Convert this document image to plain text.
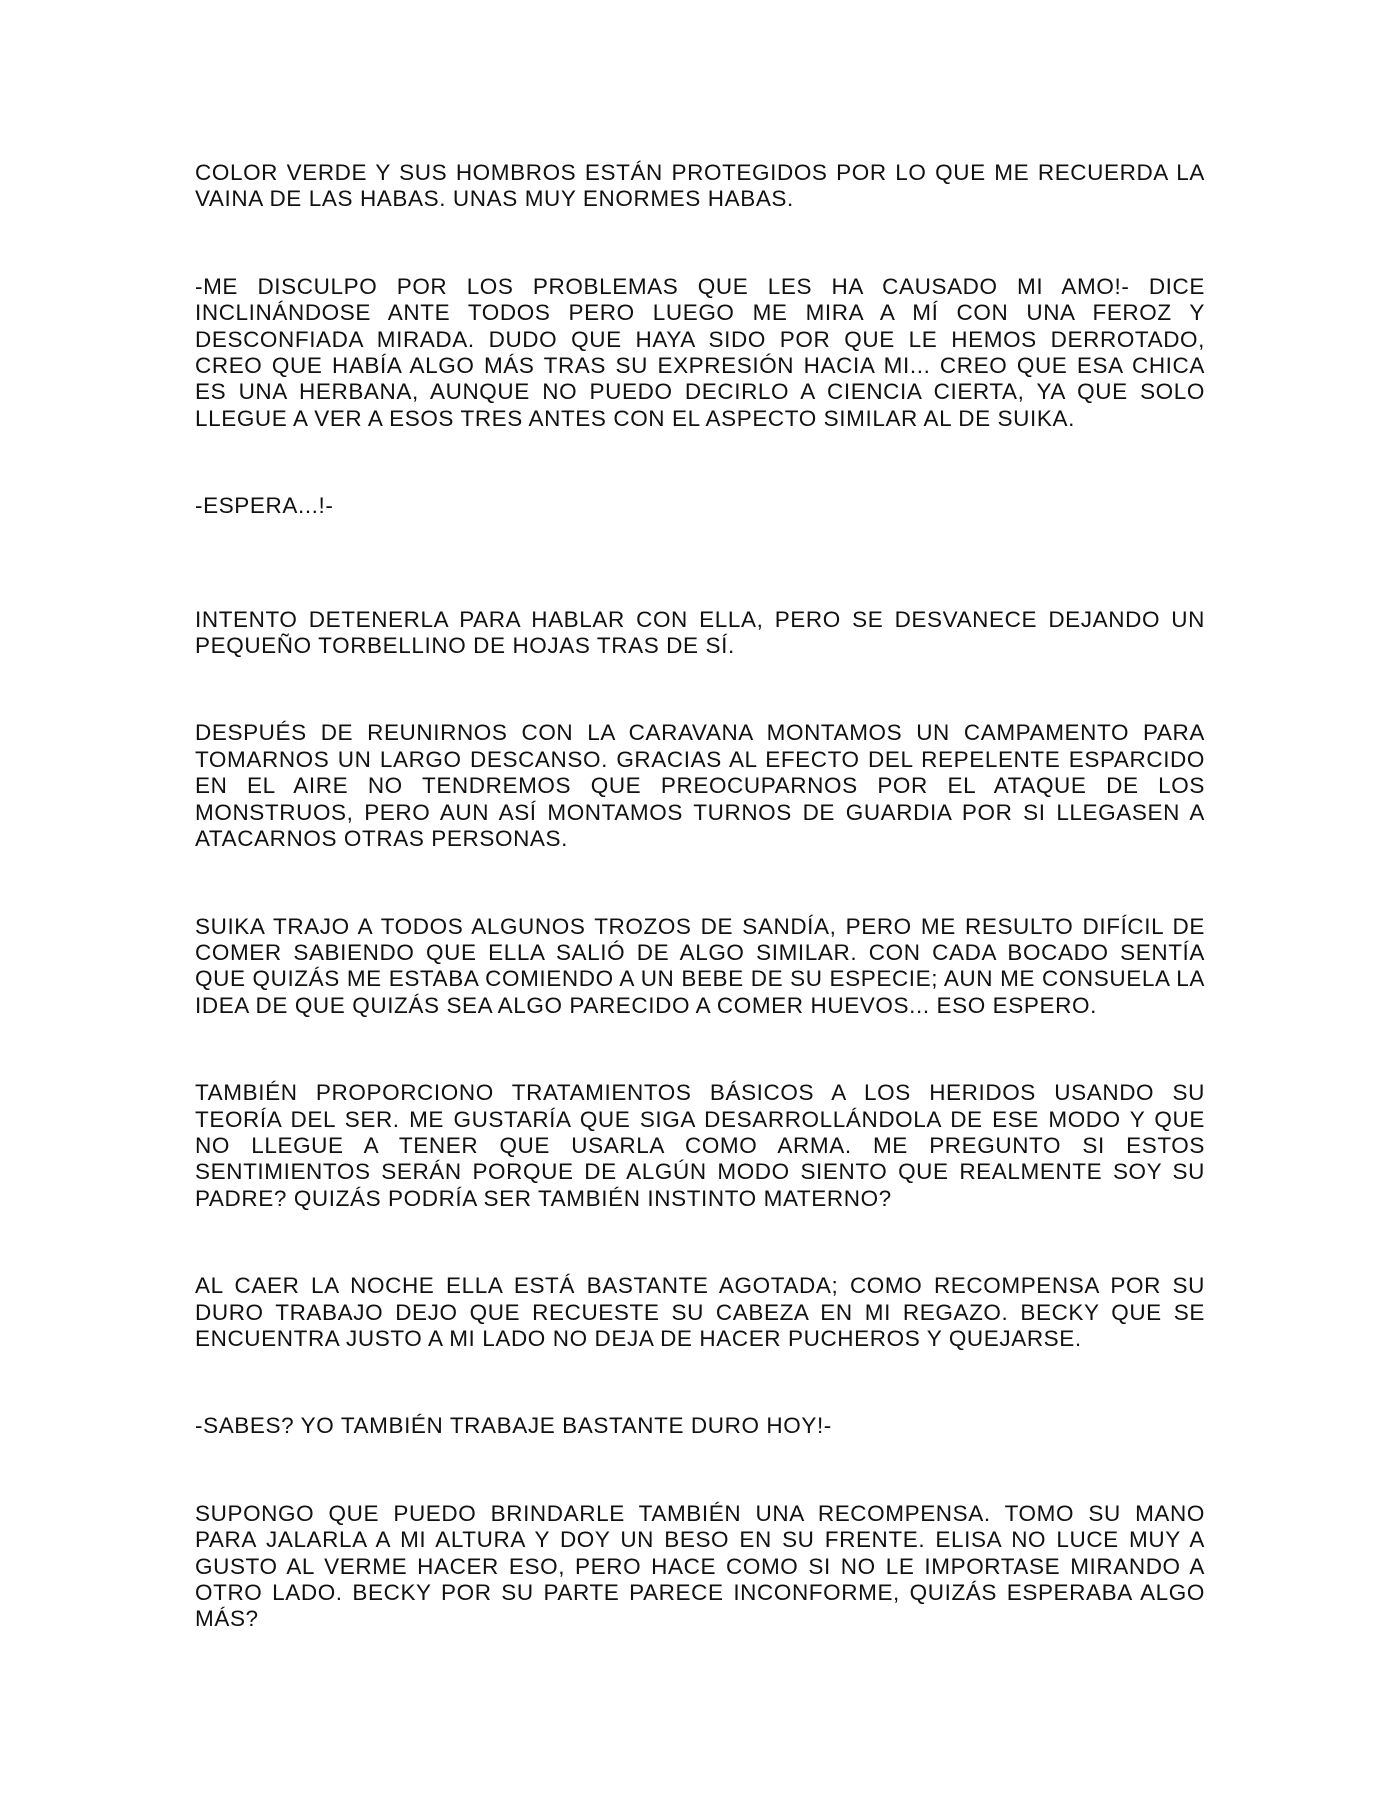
COLOR VERDE Y SUS HOMBROS ESTÁN PROTEGIDOS POR LO QUE ME RECUERDA LA VAINA DE LAS HABAS. UNAS MUY ENORMES HABAS.

-ME DISCULPO POR LOS PROBLEMAS QUE LES HA CAUSADO MI AMO!- DICE INCLINÁNDOSE ANTE TODOS PERO LUEGO ME MIRA A MÍ CON UNA FEROZ Y DESCONFIADA MIRADA. DUDO QUE HAYA SIDO POR QUE LE HEMOS DERROTADO, CREO QUE HABÍA ALGO MÁS TRAS SU EXPRESIÓN HACIA MI... CREO QUE ESA CHICA ES UNA HERBANA, AUNQUE NO PUEDO DECIRLO A CIENCIA CIERTA, YA QUE SOLO LLEGUE A VER A ESOS TRES ANTES CON EL ASPECTO SIMILAR AL DE SUIKA.

-ESPERA...!-

INTENTO DETENERLA PARA HABLAR CON ELLA, PERO SE DESVANECE DEJANDO UN PEQUEÑO TORBELLINO DE HOJAS TRAS DE SÍ.

DESPUÉS DE REUNIRNOS CON LA CARAVANA MONTAMOS UN CAMPAMENTO PARA TOMARNOS UN LARGO DESCANSO. GRACIAS AL EFECTO DEL REPELENTE ESPARCIDO EN EL AIRE NO TENDREMOS QUE PREOCUPARNOS POR EL ATAQUE DE LOS MONSTRUOS, PERO AUN ASÍ MONTAMOS TURNOS DE GUARDIA POR SI LLEGASEN A ATACARNOS OTRAS PERSONAS.

SUIKA TRAJO A TODOS ALGUNOS TROZOS DE SANDÍA, PERO ME RESULTO DIFÍCIL DE COMER SABIENDO QUE ELLA SALIÓ DE ALGO SIMILAR. CON CADA BOCADO SENTÍA QUE QUIZÁS ME ESTABA COMIENDO A UN BEBE DE SU ESPECIE; AUN ME CONSUELA LA IDEA DE QUE QUIZÁS SEA ALGO PARECIDO A COMER HUEVOS... ESO ESPERO.

TAMBIÉN PROPORCIONO TRATAMIENTOS BÁSICOS A LOS HERIDOS USANDO SU TEORÍA DEL SER. ME GUSTARÍA QUE SIGA DESARROLLÁNDOLA DE ESE MODO Y QUE NO LLEGUE A TENER QUE USARLA COMO ARMA. ME PREGUNTO SI ESTOS SENTIMIENTOS SERÁN PORQUE DE ALGÚN MODO SIENTO QUE REALMENTE SOY SU PADRE? QUIZÁS PODRÍA SER TAMBIÉN INSTINTO MATERNO?

AL CAER LA NOCHE ELLA ESTÁ BASTANTE AGOTADA; COMO RECOMPENSA POR SU DURO TRABAJO DEJO QUE RECUESTE SU CABEZA EN MI REGAZO. BECKY QUE SE ENCUENTRA JUSTO A MI LADO NO DEJA DE HACER PUCHEROS Y QUEJARSE.

-SABES? YO TAMBIÉN TRABAJE BASTANTE DURO HOY!-

SUPONGO QUE PUEDO BRINDARLE TAMBIÉN UNA RECOMPENSA. TOMO SU MANO PARA JALARLA A MI ALTURA Y DOY UN BESO EN SU FRENTE. ELISA NO LUCE MUY A GUSTO AL VERME HACER ESO, PERO HACE COMO SI NO LE IMPORTASE MIRANDO A OTRO LADO. BECKY POR SU PARTE PARECE INCONFORME, QUIZÁS ESPERABA ALGO MÁS?
